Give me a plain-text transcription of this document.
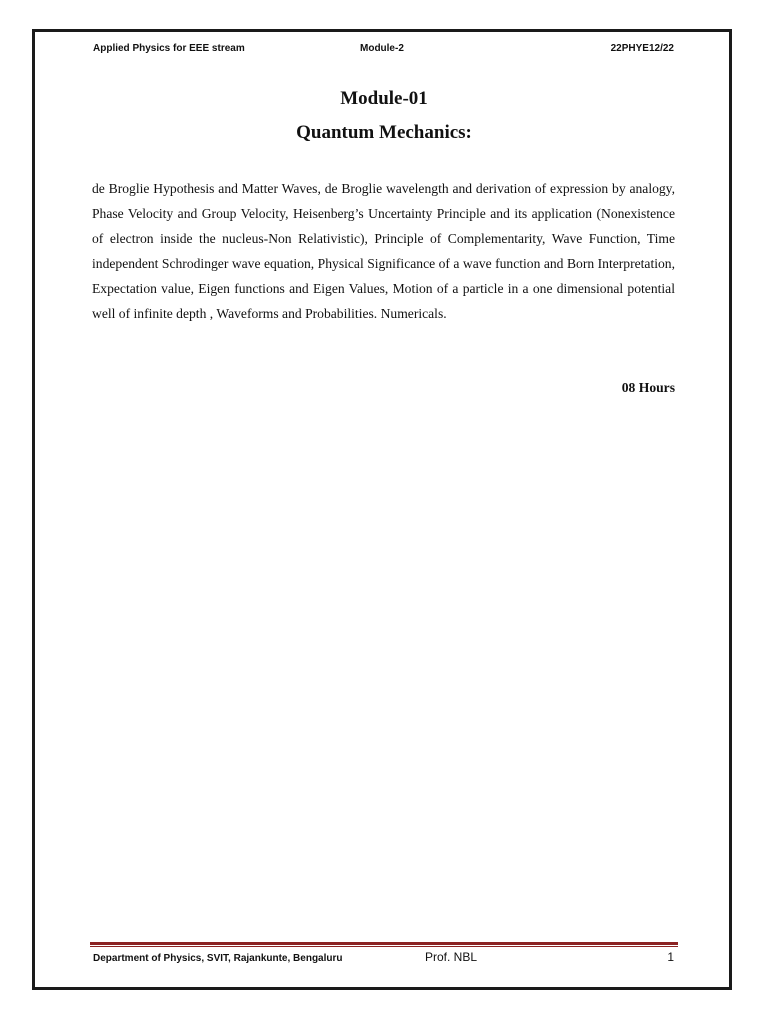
Applied Physics for EEE stream	Module-2	22PHYE12/22
Module-01
Quantum Mechanics:

de Broglie Hypothesis and Matter Waves, de Broglie wavelength and derivation of expression by analogy, Phase Velocity and Group Velocity, Heisenberg’s Uncertainty Principle and its application (Nonexistence of electron inside the nucleus-Non Relativistic), Principle of Complementarity, Wave Function, Time independent Schrodinger wave equation, Physical Significance of a wave function and Born Interpretation, Expectation value, Eigen functions and Eigen Values, Motion of a particle in a one dimensional potential well of infinite depth , Waveforms and Probabilities. Numericals.

08 Hours
Department of Physics, SVIT, Rajankunte, Bengaluru	Prof. NBL	1
